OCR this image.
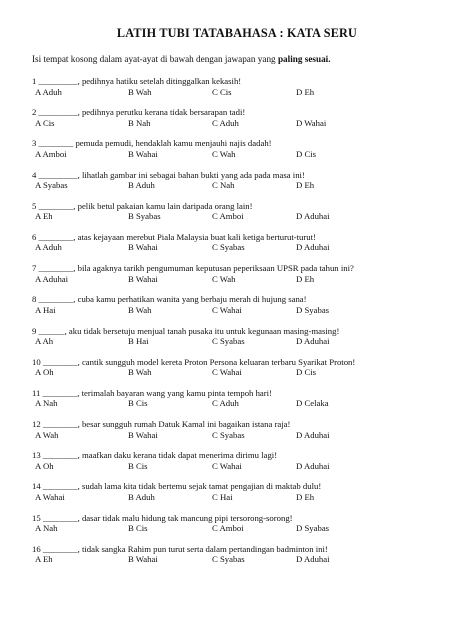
LATIH TUBI TATABAHASA : KATA SERU
Isi tempat kosong dalam ayat-ayat di bawah dengan jawapan yang paling sesuai.
1 _________, pedihnya hatiku setelah ditinggalkan kekasih!
A Aduh	B Wah	C Cis	D Eh
2 _________, pedihnya perutku kerana tidak bersarapan tadi!
A Cis	B Nah	C Aduh	D Wahai
3 ________ pemuda pemudi, hendaklah kamu menjauhi najis dadah!
A Amboi	B Wahai	C Wah	D Cis
4 _________, lihatlah gambar ini sebagai bahan bukti yang ada pada masa ini!
A Syabas	B Aduh	C Nah	D Eh
5 ________, pelik betul pakaian kamu lain daripada orang lain!
A Eh	B Syabas	C Amboi	D Aduhai
6 ________, atas kejayaan merebut Piala Malaysia buat kali ketiga berturut-turut!
A Aduh	B Wahai	C Syabas	D Aduhai
7 ________, bila agaknya tarikh pengumuman keputusan peperiksaan UPSR pada tahun ini?
A Aduhai	B Wahai	C Wah	D Eh
8 ________, cuba kamu perhatikan wanita yang berbaju merah di hujung sana!
A Hai	B Wah	C Wahai	D Syabas
9 ______, aku tidak bersetuju menjual tanah pusaka itu untuk kegunaan masing-masing!
A Ah	B Hai	C Syabas	D Aduhai
10 ________, cantik sungguh model kereta Proton Persona keluaran terbaru Syarikat Proton!
A Oh	B Wah	C Wahai	D Cis
11 ________, terimalah bayaran wang yang kamu pinta tempoh hari!
A Nah	B Cis	C Aduh	D Celaka
12 ________, besar sungguh rumah Datuk Kamal ini bagaikan istana raja!
A Wah	B Wahai	C Syabas	D Aduhai
13 ________, maafkan daku kerana tidak dapat menerima dirimu lagi!
A Oh	B Cis	C Wahai	D Aduhai
14 ________, sudah lama kita tidak bertemu sejak tamat pengajian di maktab dulu!
A Wahai	B Aduh	C Hai	D Eh
15 ________, dasar tidak malu hidung tak mancung pipi tersorong-sorong!
A Nah	B Cis	C Amboi	D Syabas
16 ________, tidak sangka Rahim pun turut serta dalam pertandingan badminton ini!
A Eh	B Wahai	C Syabas	D Aduhai
